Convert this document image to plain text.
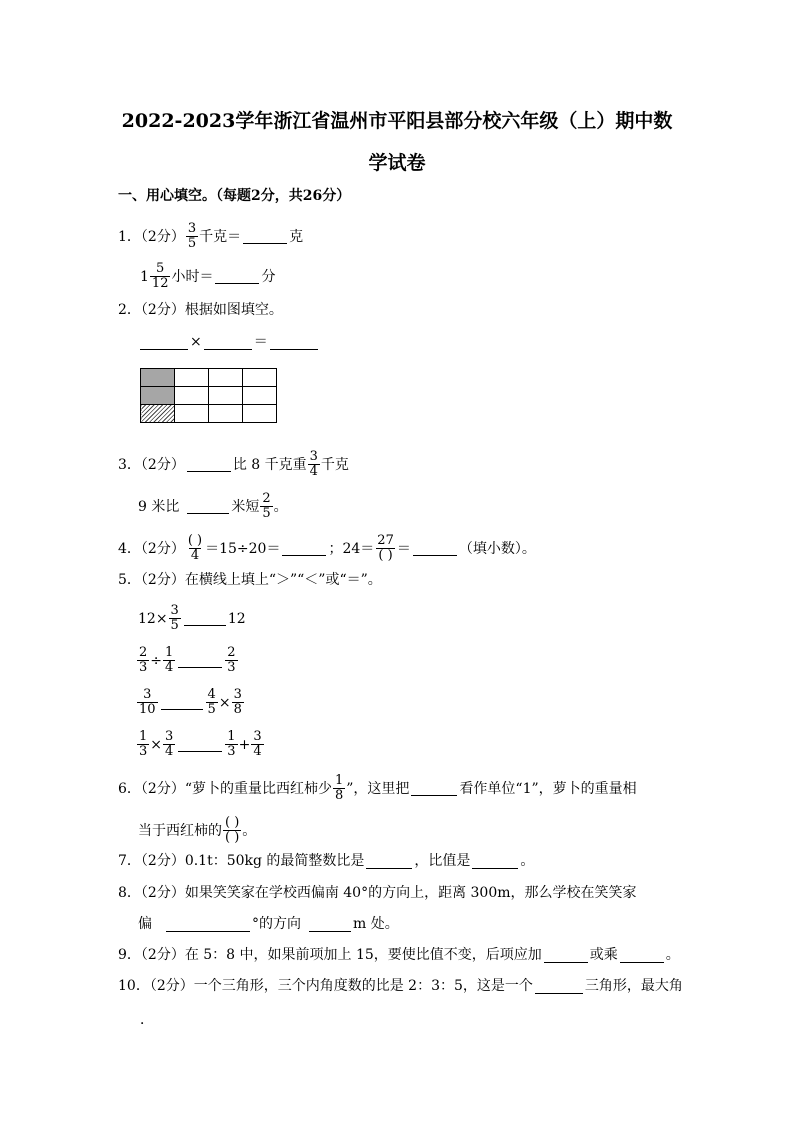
2022-2023学年浙江省温州市平阳县部分校六年级（上）期中数
学试卷
一、用心填空。（每题2分，共26分）
1．（2分） $\frac{3}{5}$ 千克＝	克
$1 \frac{5}{12}$ 小时＝	分
2．（2分）根据如图填空。
×	＝

3．（2分）	比 8 千克重 $\frac{3}{4}$ 千克
9 米比	米短 $\frac{2}{5}$ 。
4．（2分） $\frac{( )}{4} =15\div 20=$	；$24= \frac{27}{( )}$ ＝	（填小数）。
5．（2分）在横线上填上“＞”“＜”或“＝”。
$12\times \frac{3}{5}$	12
$\frac{2}{3} \div \frac{1}{4}$	$\frac{2}{3}$
$\frac{3}{10}$	$\frac{4}{5} \times \frac{3}{8}$
$\frac{1}{3} \times \frac{3}{4}$	$\frac{1}{3} + \frac{3}{4}$
6．（2分）“萝卜的重量比西红柿少 $\frac{1}{8}$ ”，这里把	看作单位“1”，萝卜的重量相
当于西红柿的 $\frac{( )}{( )}$ 。
7．（2分）0.1t：50kg 的最简整数比是	，比值是	。
8．（2分）如果笑笑家在学校西偏南 40°的方向上，距离 300m，那么学校在笑笑家
偏	°的方向	m 处。
9．（2分）在 5：8 中，如果前项加上 15，要使比值不变，后项应加	或乘	。
10．（2分）一个三角形，三个内角度数的比是 2：3：5，这是一个	三角形，最大角
．
